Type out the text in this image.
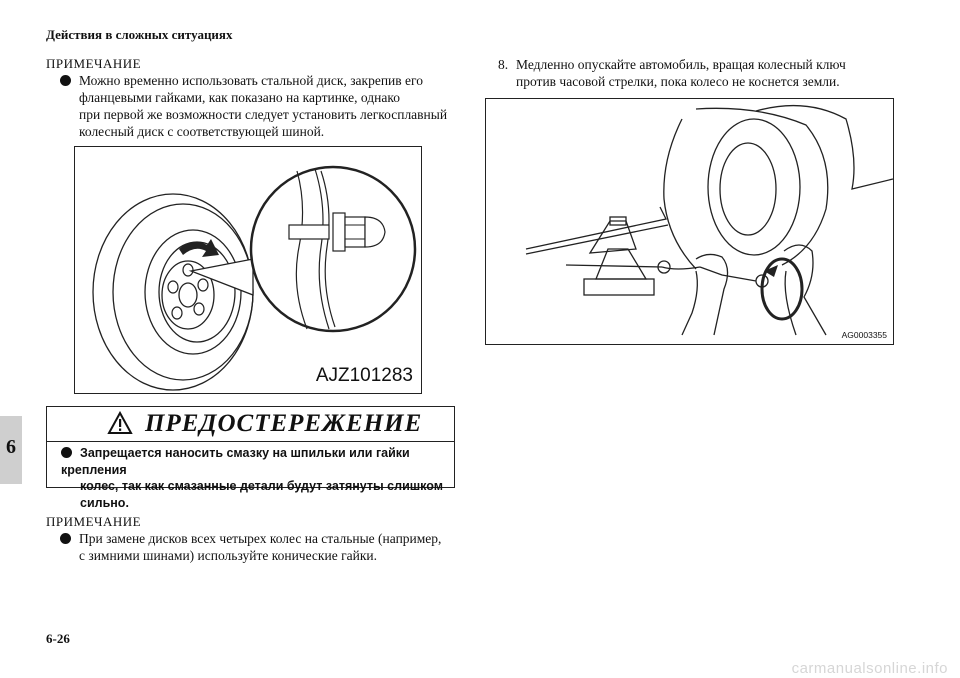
Действия в сложных ситуациях
ПРИМЕЧАНИЕ
Можно временно использовать стальной диск, закрепив его
фланцевыми гайками, как показано на картинке, однако
при первой же возможности следует установить легкосплавный
колесный диск с соответствующей шиной.
AJZ101283
ПРЕДОСТЕРЕЖЕНИЕ
Запрещается наносить смазку на шпильки или гайки крепления
колес, так как смазанные детали будут затянуты слишком
сильно.
ПРИМЕЧАНИЕ
При замене дисков всех четырех колес на стальные (например,
с зимними шинами) используйте конические гайки.
8. Медленно опускайте автомобиль, вращая колесный ключ
против часовой стрелки, пока колесо не коснется земли.
AG0003355
6
6-26
carmanualsonline.info
